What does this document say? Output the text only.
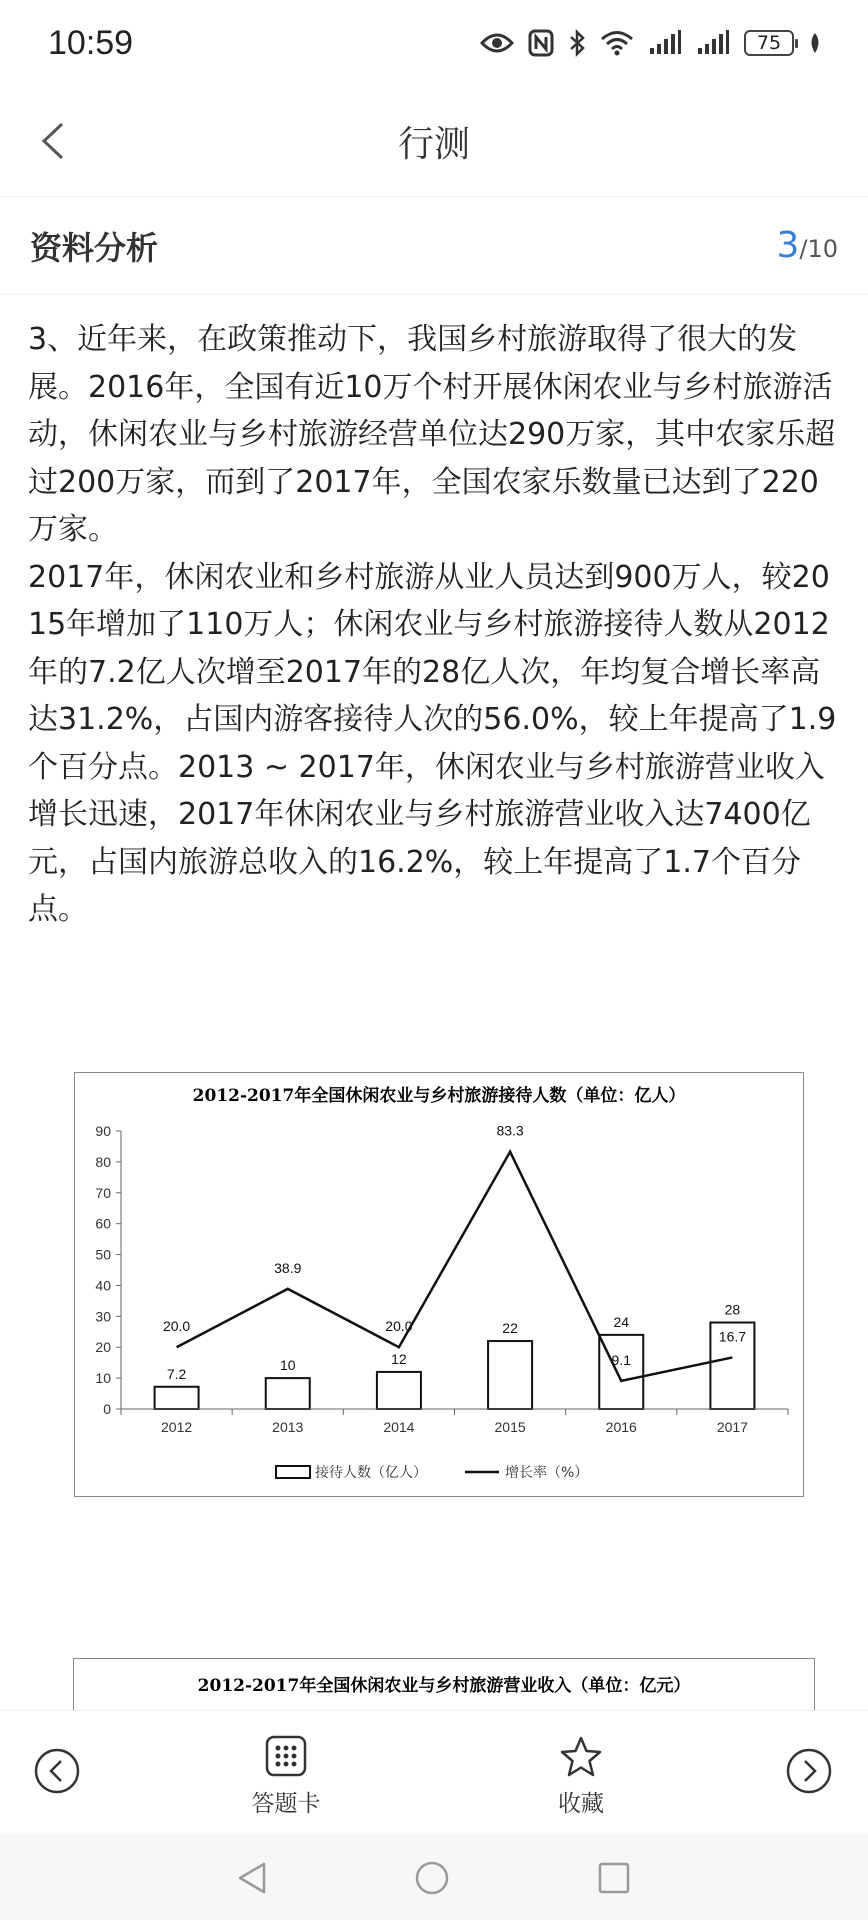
10:59	75
行测
资料分析	3/10

3、近年来，在政策推动下，我国乡村旅游取得了很大的发展。2016年，全国有近10万个村开展休闲农业与乡村旅游活动，休闲农业与乡村旅游经营单位达290万家，其中农家乐超过200万家，而到了2017年，全国农家乐数量已达到了220万家。

2017年，休闲农业和乡村旅游从业人员达到900万人，较2015年增加了110万人；休闲农业与乡村旅游接待人数从2012年的7.2亿人次增至2017年的28亿人次，年均复合增长率高达31.2%，占国内游客接待人次的56.0%，较上年提高了1.9个百分点。2013 ~ 2017年，休闲农业与乡村旅游营业收入增长迅速，2017年休闲农业与乡村旅游营业收入达7400亿元，占国内旅游总收入的16.2%，较上年提高了1.7个百分点。

2012-2017年全国休闲农业与乡村旅游接待人数（单位：亿人）
7.2
10	12
22	24
28
20.0
38.9
20.0
83.3
9.1
16.7
0
10
20
30
40
50
60
70
80
90
2012	2013	2014	2015	2016	2017
接待人数（亿人）	增长率（%）
2012-2017年全国休闲农业与乡村旅游营业收入（单位：亿元）
答题卡	收藏
